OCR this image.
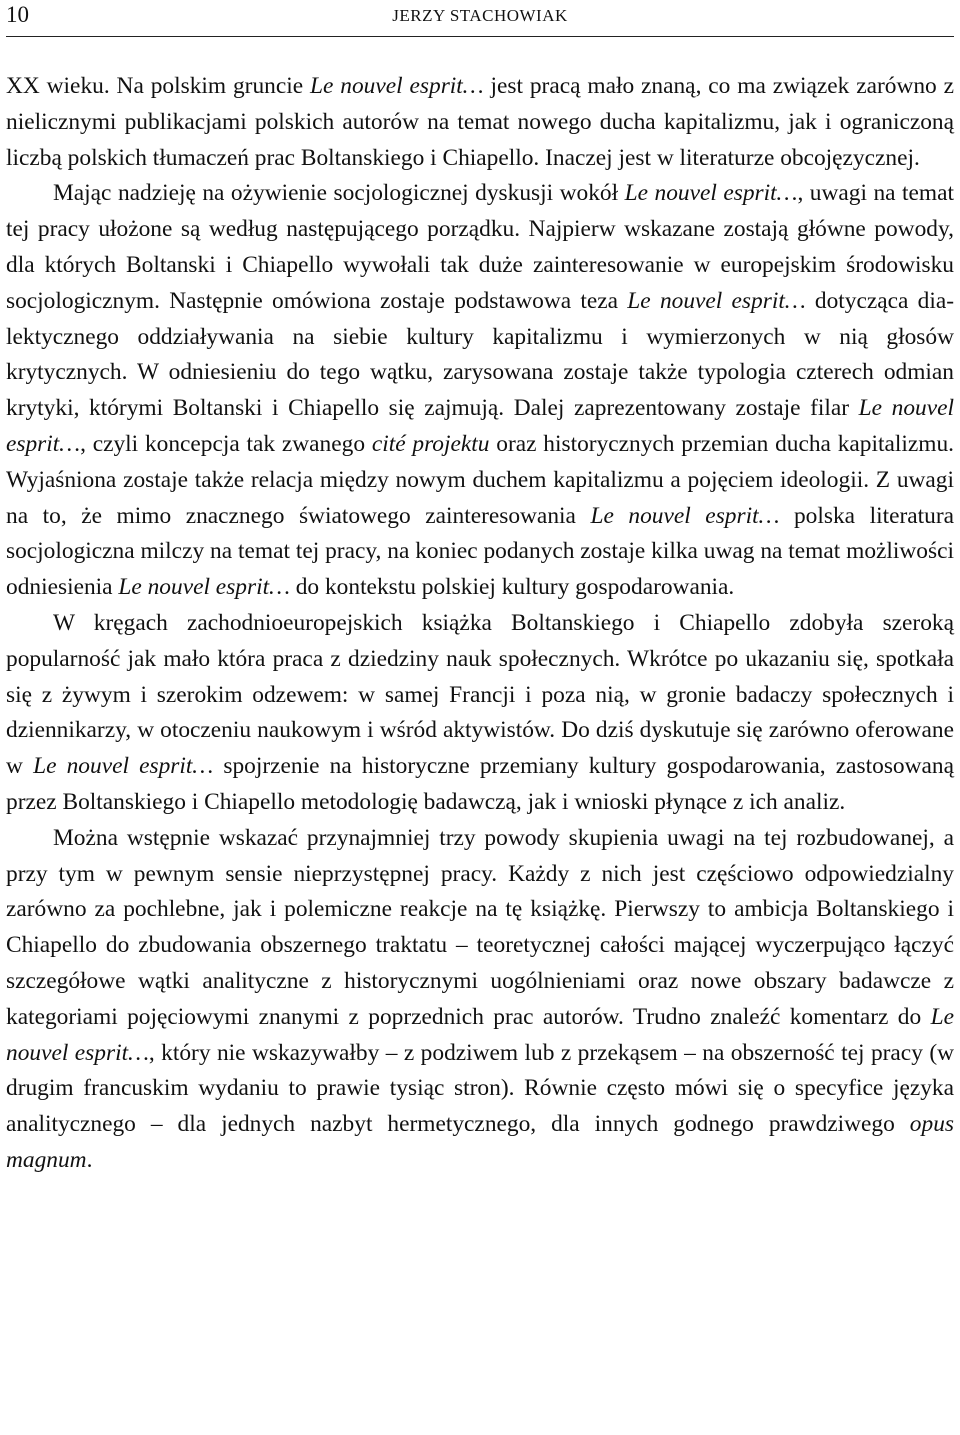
10	JERZY STACHOWIAK

XX wieku. Na polskim gruncie Le nouvel esprit… jest pracą mało znaną, co ma związek zarówno z nielicznymi publikacjami polskich autorów na temat nowego ducha kapitalizmu, jak i ograniczoną liczbą polskich tłumaczeń prac Boltanskiego i Chiapello. Inaczej jest w literaturze obcojęzycznej.

Mając nadzieję na ożywienie socjologicznej dyskusji wokół Le nouvel esprit…, uwagi na temat tej pracy ułożone są według następującego porządku. Najpierw wskazane zostają główne powody, dla których Boltanski i Chiapello wywołali tak duże zainteresowanie w europejskim środowisku socjologicznym. Następnie omówiona zostaje podstawowa teza Le nouvel esprit… dotycząca dialektycznego oddziaływania na siebie kultury kapitalizmu i wymierzonych w nią głosów krytycznych. W odniesieniu do tego wątku, zarysowana zostaje także typologia czterech odmian krytyki, którymi Boltanski i Chiapello się zajmują. Dalej zaprezentowany zostaje filar Le nouvel esprit…, czyli koncepcja tak zwanego cité projektu oraz historycznych przemian ducha kapitalizmu. Wyjaśniona zostaje także relacja między nowym duchem kapitalizmu a pojęciem ideologii. Z uwagi na to, że mimo znacznego światowego zainteresowania Le nouvel esprit… polska literatura socjologiczna milczy na temat tej pracy, na koniec podanych zostaje kilka uwag na temat możliwości odniesienia Le nouvel esprit… do kontekstu polskiej kultury gospodarowania.

W kręgach zachodnioeuropejskich książka Boltanskiego i Chiapello zdobyła szeroką popularność jak mało która praca z dziedziny nauk społecznych. Wkrótce po ukazaniu się, spotkała się z żywym i szerokim odzewem: w samej Francji i poza nią, w gronie badaczy społecznych i dziennikarzy, w otoczeniu naukowym i wśród aktywistów. Do dziś dyskutuje się zarówno oferowane w Le nouvel esprit… spojrzenie na historyczne przemiany kultury gospodarowania, zastosowaną przez Boltanskiego i Chiapello metodologię badawczą, jak i wnioski płynące z ich analiz.

Można wstępnie wskazać przynajmniej trzy powody skupienia uwagi na tej rozbudowanej, a przy tym w pewnym sensie nieprzystępnej pracy. Każdy z nich jest częściowo odpowiedzialny zarówno za pochlebne, jak i polemiczne reakcje na tę książkę. Pierwszy to ambicja Boltanskiego i Chiapello do zbudowania obszernego traktatu – teoretycznej całości mającej wyczerpująco łączyć szczegółowe wątki analityczne z historycznymi uogólnieniami oraz nowe obszary badawcze z kategoriami pojęciowymi znanymi z poprzednich prac autorów. Trudno znaleźć komentarz do Le nouvel esprit…, który nie wskazywałby – z podziwem lub z przekąsem – na obszerność tej pracy (w drugim francuskim wydaniu to prawie tysiąc stron). Równie często mówi się o specyfice języka analitycznego – dla jednych nazbyt hermetycznego, dla innych godnego prawdziwego opus magnum.
